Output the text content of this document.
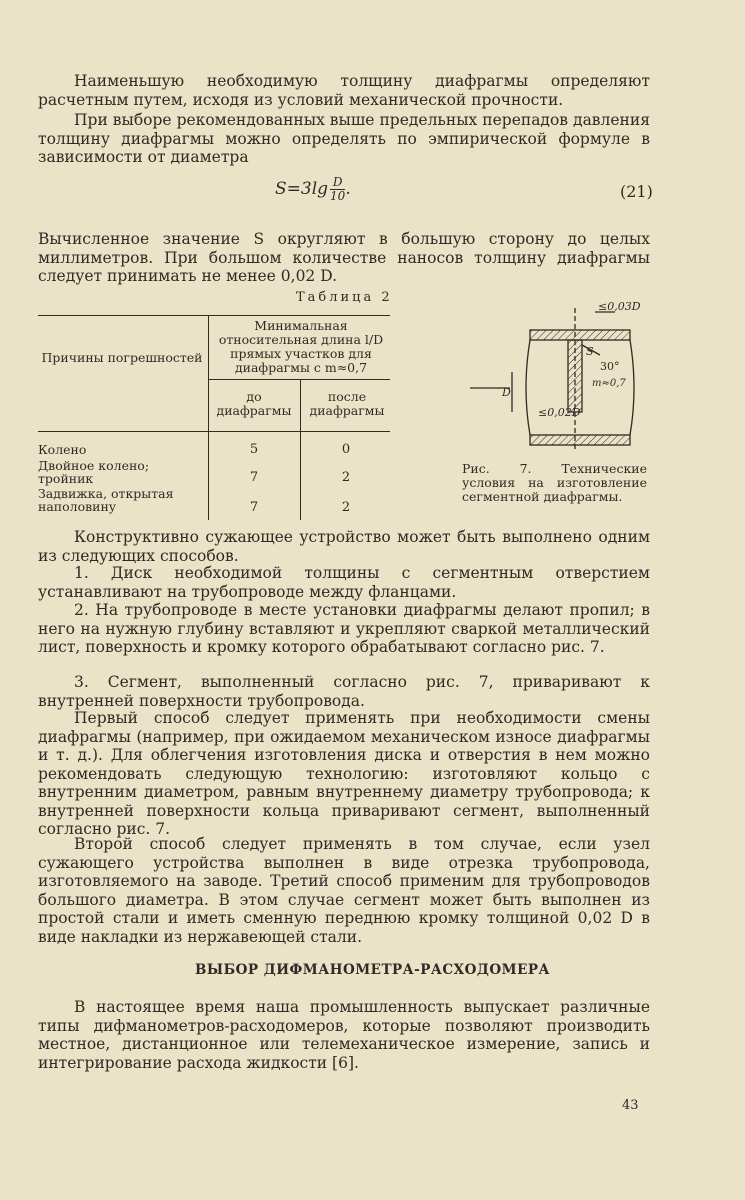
Наименьшую необходимую толщину диафрагмы определяют расчетным путем, исходя из условий механической прочности.

При выборе рекомендованных выше предельных перепадов давления толщину диафрагмы можно определять по эмпирической формуле в зависимости от диаметра

$S=3\lg \frac{D}{10}$ .	(21)

Вычисленное значение S округляют в большую сторону до целых миллиметров. При большом количестве наносов толщину диафрагмы следует принимать не менее 0,02 D.

Таблица 2
Причины погрешностей
Минимальная относительная длина l/D прямых участков для диафрагмы с m≈0,7
до диафрагмы
после диафрагмы
Колено	5	0
Двойное колено; тройник	7	2
Задвижка, открытая наполовину	7	2
≤0,03D
30°
m≈0,7
≤0,02D
S
D
Рис. 7. Технические условия на изготовление сегментной диафрагмы.

Конструктивно сужающее устройство может быть выполнено одним из следующих способов.

1. Диск необходимой толщины с сегментным отверстием устанавливают на трубопроводе между фланцами.

2. На трубопроводе в месте установки диафрагмы делают пропил; в него на нужную глубину вставляют и укрепляют сваркой металлический лист, поверхность и кромку которого обрабатывают согласно рис. 7.

3. Сегмент, выполненный согласно рис. 7, приваривают к внутренней поверхности трубопровода.

Первый способ следует применять при необходимости смены диафрагмы (например, при ожидаемом механическом износе диафрагмы и т. д.). Для облегчения изготовления диска и отверстия в нем можно рекомендовать следующую технологию: изготовляют кольцо с внутренним диаметром, равным внутреннему диаметру трубопровода; к внутренней поверхности кольца приваривают сегмент, выполненный согласно рис. 7.

Второй способ следует применять в том случае, если узел сужающего устройства выполнен в виде отрезка трубопровода, изготовляемого на заводе. Третий способ применим для трубопроводов большого диаметра. В этом случае сегмент может быть выполнен из простой стали и иметь сменную переднюю кромку толщиной 0,02 D в виде накладки из нержавеющей стали.

ВЫБОР ДИФМАНОМЕТРА-РАСХОДОМЕРА

В настоящее время наша промышленность выпускает различные типы дифманометров-расходомеров, которые позволяют производить местное, дистанционное или телемеханическое измерение, запись и интегрирование расхода жидкости [6].

43
